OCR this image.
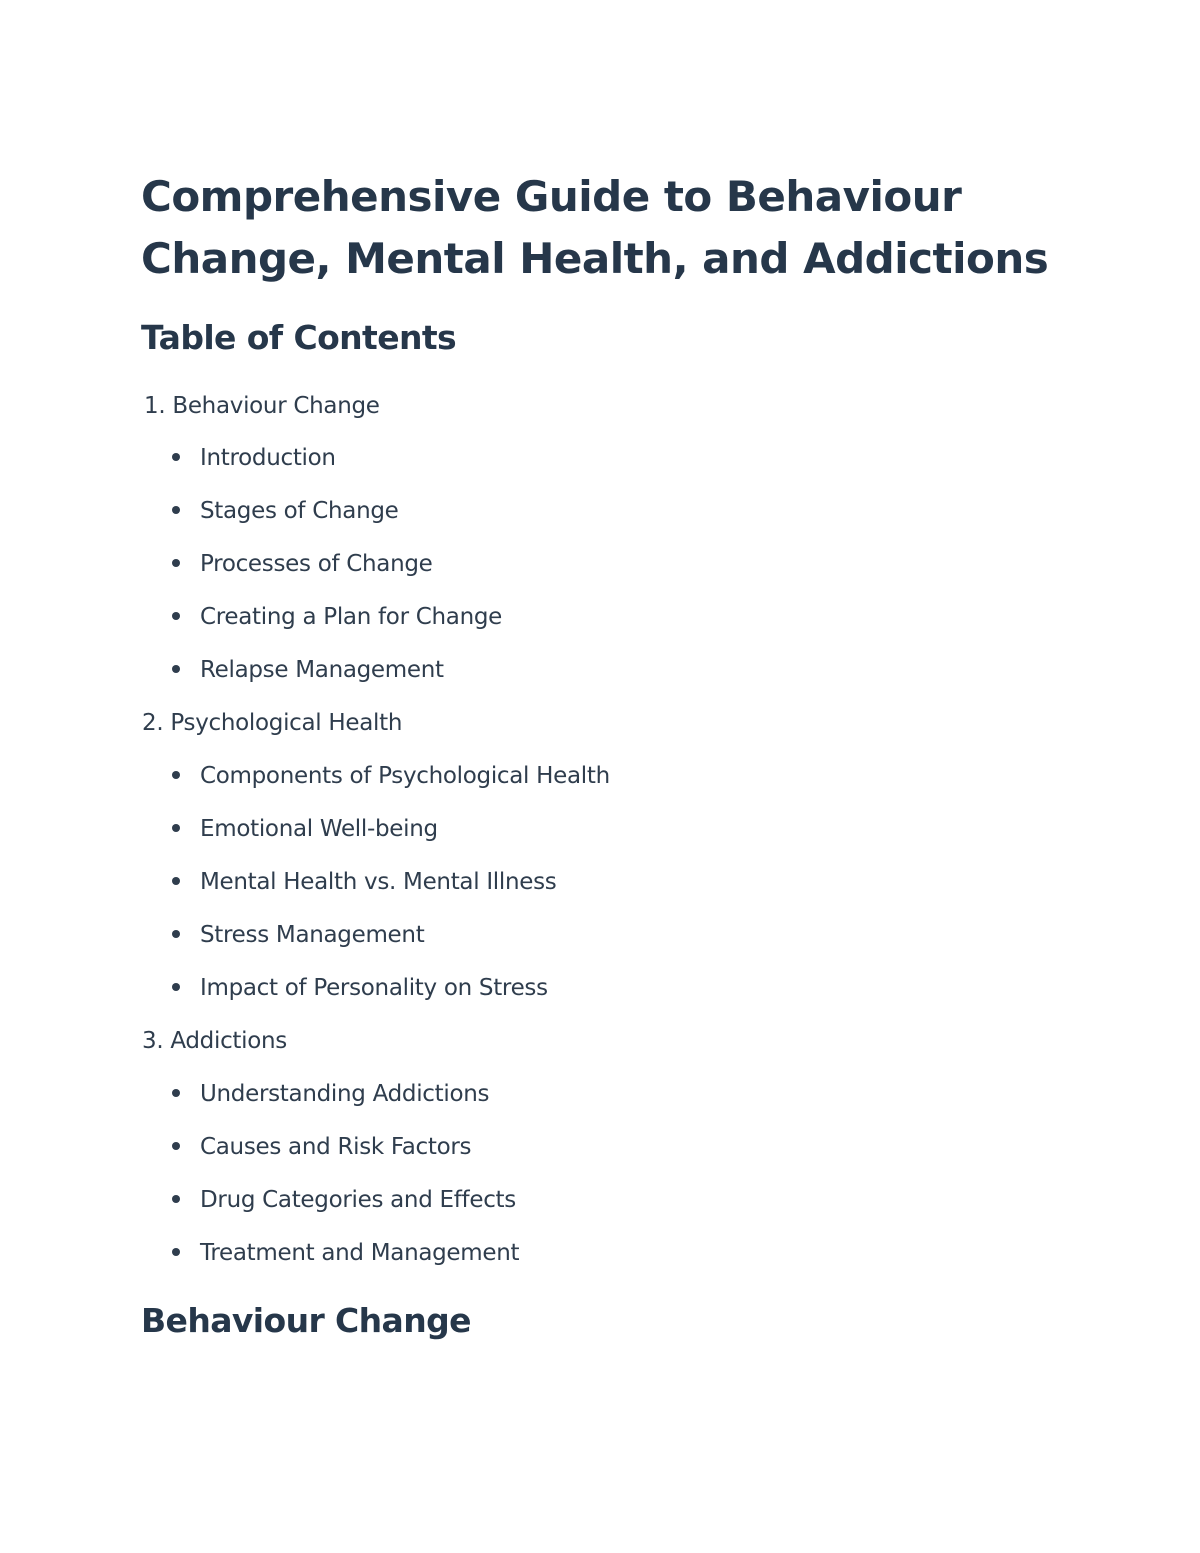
Comprehensive Guide to Behaviour
Change, Mental Health, and Addictions
Table of Contents
1. Behaviour Change
Introduction
Stages of Change
Processes of Change
Creating a Plan for Change
Relapse Management
2. Psychological Health
Components of Psychological Health
Emotional Well-being
Mental Health vs. Mental Illness
Stress Management
Impact of Personality on Stress
3. Addictions
Understanding Addictions
Causes and Risk Factors
Drug Categories and Effects
Treatment and Management
Behaviour Change
